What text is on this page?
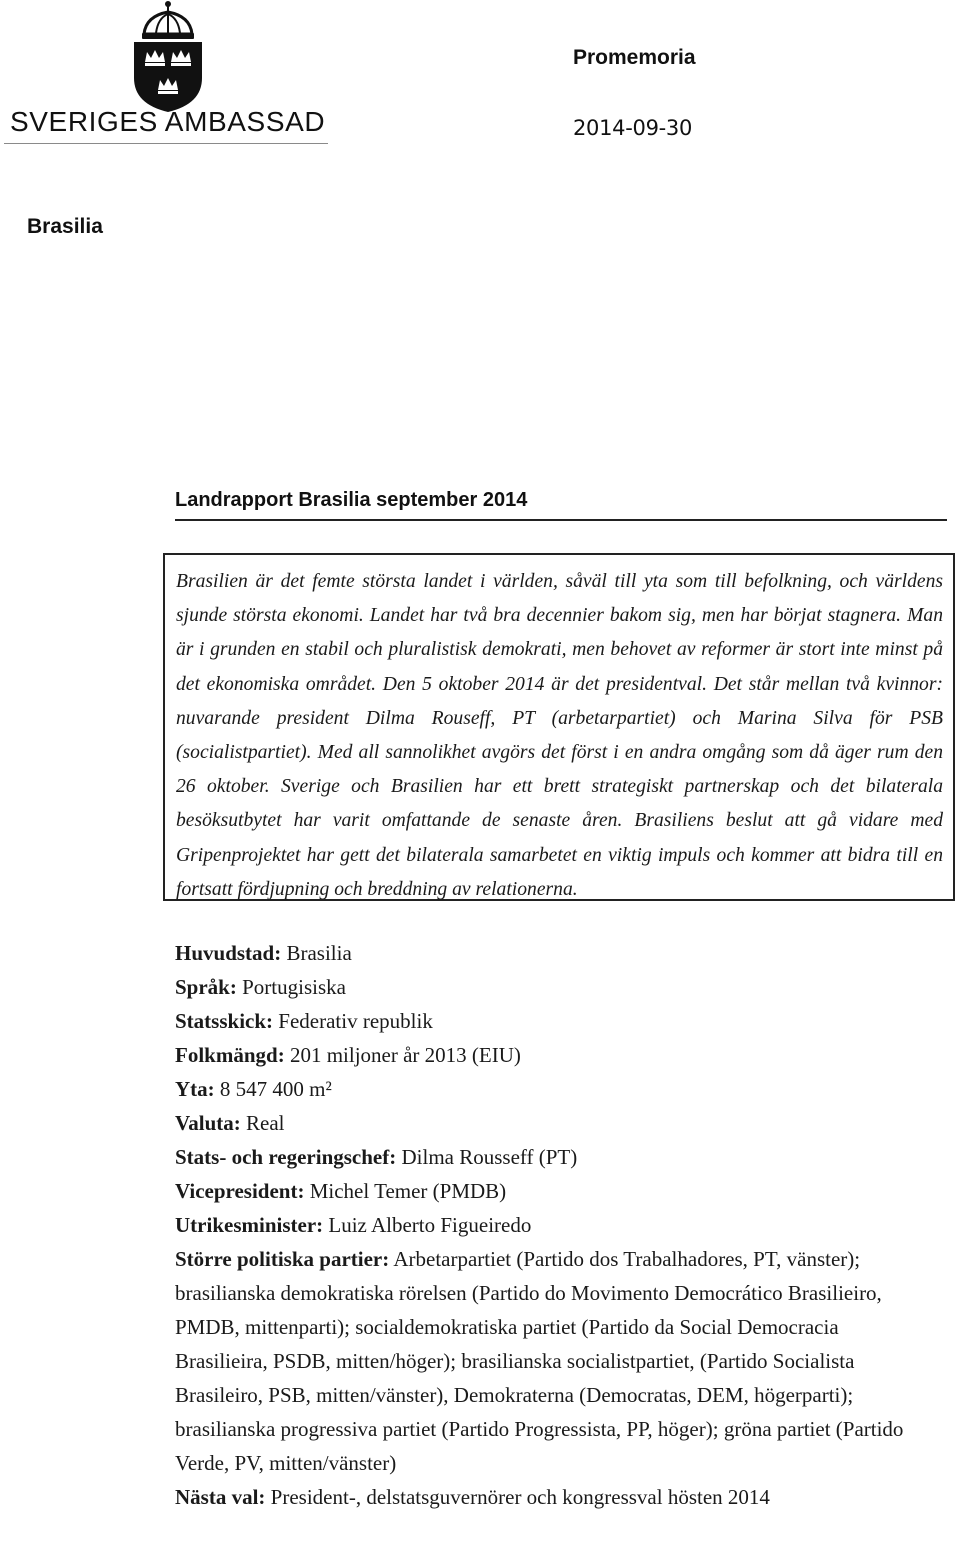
SVERIGES AMBASSAD
Promemoria
2014-09-30
Brasilia
Landrapport Brasilia september 2014

Brasilien är det femte största landet i världen, såväl till yta som till befolkning, och världens sjunde största ekonomi. Landet har två bra decennier bakom sig, men har börjat stagnera. Man är i grunden en stabil och pluralistisk demokrati, men behovet av reformer är stort inte minst på det ekonomiska området. Den 5 oktober 2014 är det presidentval. Det står mellan två kvinnor: nuvarande president Dilma Rouseff, PT (arbetarpartiet) och Marina Silva för PSB (socialistpartiet). Med all sannolikhet avgörs det först i en andra omgång som då äger rum den 26 oktober. Sverige och Brasilien har ett brett strategiskt partnerskap och det bilaterala besöksutbytet har varit omfattande de senaste åren. Brasiliens beslut att gå vidare med Gripenprojektet har gett det bilaterala samarbetet en viktig impuls och kommer att bidra till en fortsatt fördjupning och breddning av relationerna.

Huvudstad: Brasilia

Språk: Portugisiska

Statsskick: Federativ republik

Folkmängd: 201 miljoner år 2013 (EIU)

Yta: 8 547 400 m²

Valuta: Real

Stats- och regeringschef: Dilma Rousseff (PT)

Vicepresident: Michel Temer (PMDB)

Utrikesminister: Luiz Alberto Figueiredo

Större politiska partier: Arbetarpartiet (Partido dos Trabalhadores, PT, vänster); brasilianska demokratiska rörelsen (Partido do Movimento Democrático Brasilieiro, PMDB, mittenparti); socialdemokratiska partiet (Partido da Social Democracia Brasilieira, PSDB, mitten/höger); brasilianska socialistpartiet, (Partido Socialista Brasileiro, PSB, mitten/vänster), Demokraterna (Democratas, DEM, högerparti); brasilianska progressiva partiet (Partido Progressista, PP, höger); gröna partiet (Partido Verde, PV, mitten/vänster)

Nästa val: President-, delstatsguvernörer och kongressval hösten 2014
